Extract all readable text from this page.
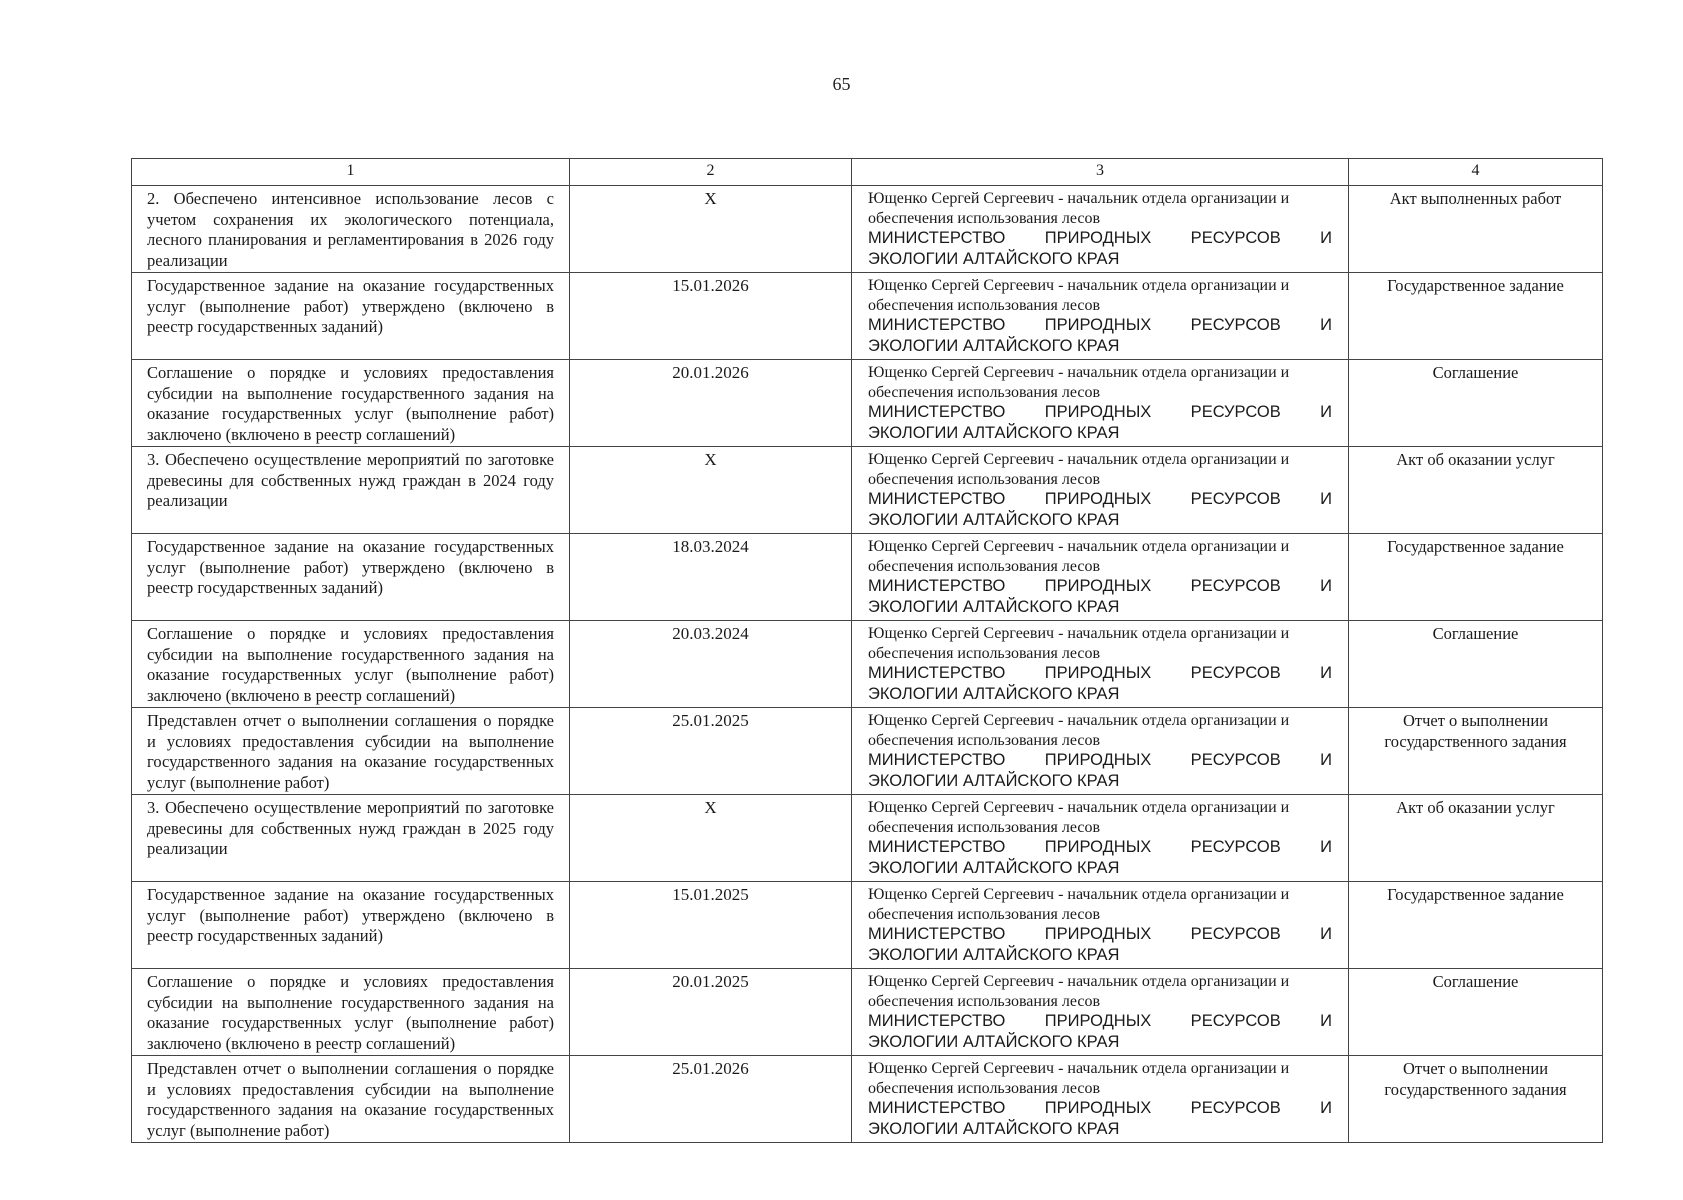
65
1	2	3	4
2. Обеспечено интенсивное использование лесов с учетом сохранения их экологического потенциала, лесного планирования и регламентирования в 2026 году реализации	X	Ющенко Сергей Сергеевич - начальник отдела организации и обеспечения использования лесов
МИНИСТЕРСТВО ПРИРОДНЫХ РЕСУРСОВ И
ЭКОЛОГИИ АЛТАЙСКОГО КРАЯ	Акт выполненных работ
Государственное задание на оказание государственных услуг (выполнение работ) утверждено (включено в реестр государственных заданий)	15.01.2026	Ющенко Сергей Сергеевич - начальник отдела организации и обеспечения использования лесов
МИНИСТЕРСТВО ПРИРОДНЫХ РЕСУРСОВ И
ЭКОЛОГИИ АЛТАЙСКОГО КРАЯ	Государственное задание
Соглашение о порядке и условиях предоставления субсидии на выполнение государственного задания на оказание государственных услуг (выполнение работ) заключено (включено в реестр соглашений)	20.01.2026	Ющенко Сергей Сергеевич - начальник отдела организации и обеспечения использования лесов
МИНИСТЕРСТВО ПРИРОДНЫХ РЕСУРСОВ И
ЭКОЛОГИИ АЛТАЙСКОГО КРАЯ	Соглашение
3. Обеспечено осуществление мероприятий по заготовке древесины для собственных нужд граждан в 2024 году реализации	X	Ющенко Сергей Сергеевич - начальник отдела организации и обеспечения использования лесов
МИНИСТЕРСТВО ПРИРОДНЫХ РЕСУРСОВ И
ЭКОЛОГИИ АЛТАЙСКОГО КРАЯ	Акт об оказании услуг
Государственное задание на оказание государственных услуг (выполнение работ) утверждено (включено в реестр государственных заданий)	18.03.2024	Ющенко Сергей Сергеевич - начальник отдела организации и обеспечения использования лесов
МИНИСТЕРСТВО ПРИРОДНЫХ РЕСУРСОВ И
ЭКОЛОГИИ АЛТАЙСКОГО КРАЯ	Государственное задание
Соглашение о порядке и условиях предоставления субсидии на выполнение государственного задания на оказание государственных услуг (выполнение работ) заключено (включено в реестр соглашений)	20.03.2024	Ющенко Сергей Сергеевич - начальник отдела организации и обеспечения использования лесов
МИНИСТЕРСТВО ПРИРОДНЫХ РЕСУРСОВ И
ЭКОЛОГИИ АЛТАЙСКОГО КРАЯ	Соглашение
Представлен отчет о выполнении соглашения о порядке и условиях предоставления субсидии на выполнение государственного задания на оказание государственных услуг (выполнение работ)	25.01.2025	Ющенко Сергей Сергеевич - начальник отдела организации и обеспечения использования лесов
МИНИСТЕРСТВО ПРИРОДНЫХ РЕСУРСОВ И
ЭКОЛОГИИ АЛТАЙСКОГО КРАЯ	Отчет о выполнении государственного задания
3. Обеспечено осуществление мероприятий по заготовке древесины для собственных нужд граждан в 2025 году реализации	X	Ющенко Сергей Сергеевич - начальник отдела организации и обеспечения использования лесов
МИНИСТЕРСТВО ПРИРОДНЫХ РЕСУРСОВ И
ЭКОЛОГИИ АЛТАЙСКОГО КРАЯ	Акт об оказании услуг
Государственное задание на оказание государственных услуг (выполнение работ) утверждено (включено в реестр государственных заданий)	15.01.2025	Ющенко Сергей Сергеевич - начальник отдела организации и обеспечения использования лесов
МИНИСТЕРСТВО ПРИРОДНЫХ РЕСУРСОВ И
ЭКОЛОГИИ АЛТАЙСКОГО КРАЯ	Государственное задание
Соглашение о порядке и условиях предоставления субсидии на выполнение государственного задания на оказание государственных услуг (выполнение работ) заключено (включено в реестр соглашений)	20.01.2025	Ющенко Сергей Сергеевич - начальник отдела организации и обеспечения использования лесов
МИНИСТЕРСТВО ПРИРОДНЫХ РЕСУРСОВ И
ЭКОЛОГИИ АЛТАЙСКОГО КРАЯ	Соглашение
Представлен отчет о выполнении соглашения о порядке и условиях предоставления субсидии на выполнение государственного задания на оказание государственных услуг (выполнение работ)	25.01.2026	Ющенко Сергей Сергеевич - начальник отдела организации и обеспечения использования лесов
МИНИСТЕРСТВО ПРИРОДНЫХ РЕСУРСОВ И
ЭКОЛОГИИ АЛТАЙСКОГО КРАЯ	Отчет о выполнении государственного задания
